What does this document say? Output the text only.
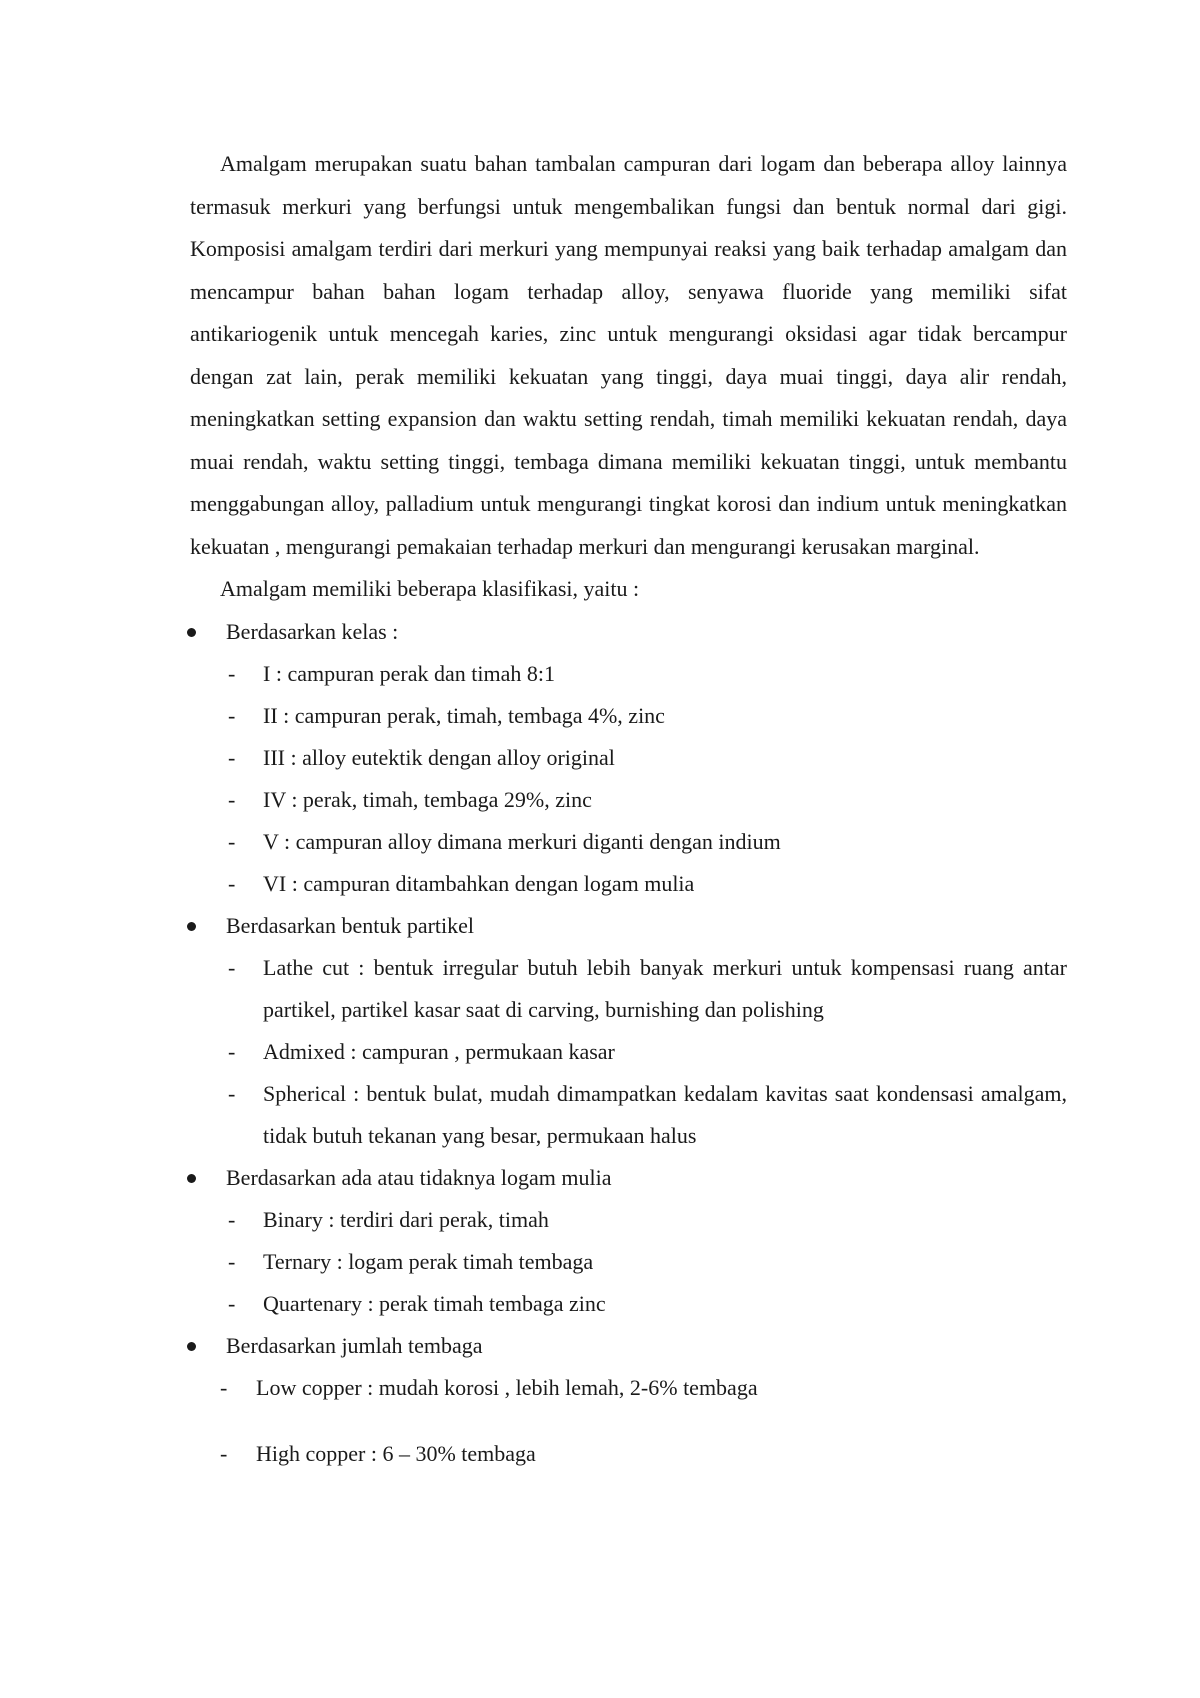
Amalgam merupakan suatu bahan tambalan campuran dari logam dan beberapa alloy lainnya termasuk merkuri yang berfungsi untuk mengembalikan fungsi dan bentuk normal dari gigi. Komposisi amalgam terdiri dari merkuri yang mempunyai reaksi yang baik terhadap amalgam dan mencampur bahan bahan logam terhadap alloy, senyawa fluoride yang memiliki sifat antikariogenik untuk mencegah karies, zinc untuk mengurangi oksidasi agar tidak bercampur dengan zat lain, perak memiliki kekuatan yang tinggi, daya muai tinggi, daya alir rendah, meningkatkan setting expansion dan waktu setting rendah, timah memiliki kekuatan rendah, daya muai rendah, waktu setting tinggi, tembaga dimana memiliki kekuatan tinggi, untuk membantu menggabungan alloy, palladium untuk mengurangi tingkat korosi dan indium untuk meningkatkan kekuatan , mengurangi pemakaian terhadap merkuri dan mengurangi kerusakan marginal.

Amalgam memiliki beberapa klasifikasi, yaitu :

Berdasarkan kelas :
- I : campuran perak dan timah 8:1
- II : campuran perak, timah, tembaga 4%, zinc
- III : alloy eutektik dengan alloy original
- IV : perak, timah, tembaga 29%, zinc
- V : campuran alloy dimana merkuri diganti dengan indium
- VI : campuran ditambahkan dengan logam mulia
Berdasarkan bentuk partikel
- Lathe cut : bentuk irregular butuh lebih banyak merkuri untuk kompensasi ruang antar partikel, partikel kasar saat di carving, burnishing dan polishing
- Admixed : campuran , permukaan kasar
- Spherical : bentuk bulat, mudah dimampatkan kedalam kavitas saat kondensasi amalgam, tidak butuh tekanan yang besar, permukaan halus
Berdasarkan ada atau tidaknya logam mulia
- Binary : terdiri dari perak, timah
- Ternary : logam perak timah tembaga
- Quartenary : perak timah tembaga zinc
Berdasarkan jumlah tembaga
- Low copper : mudah korosi , lebih lemah, 2-6% tembaga
- High copper : 6 – 30% tembaga
